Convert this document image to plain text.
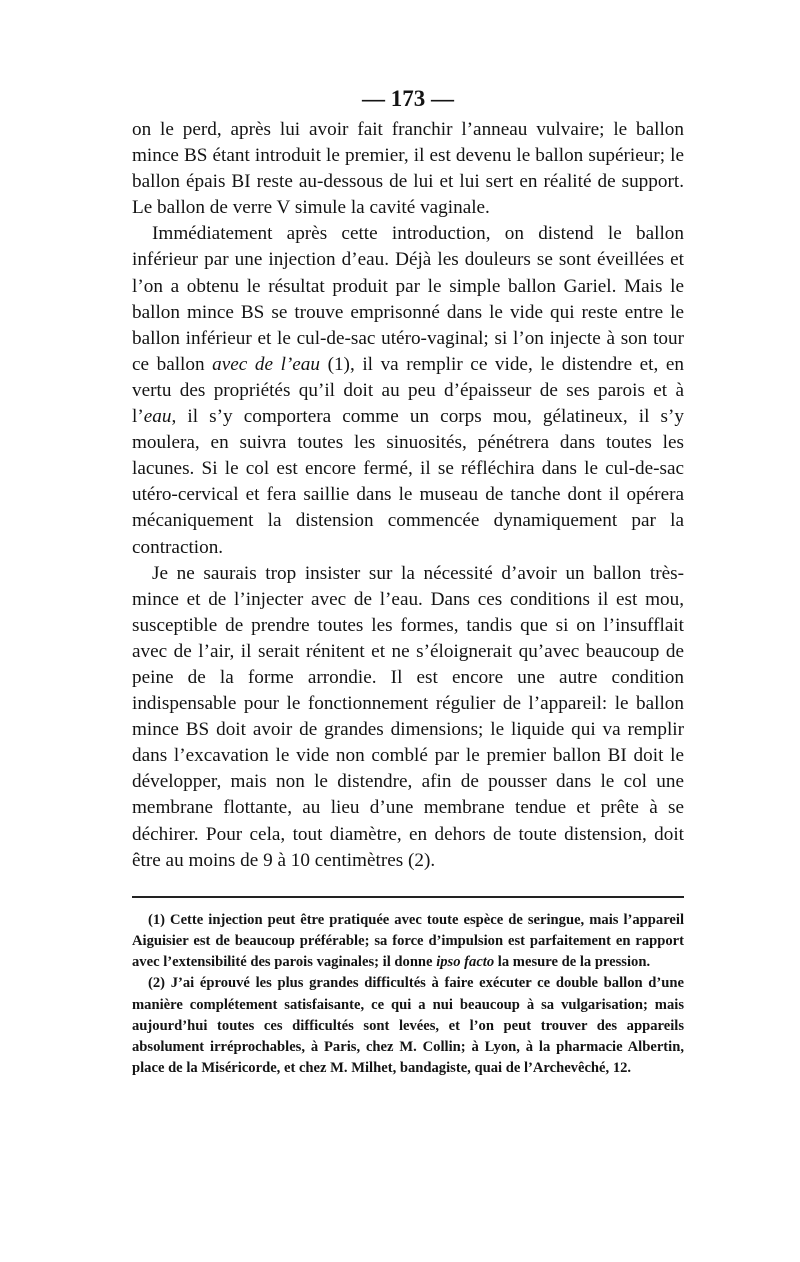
— 173 —

on le perd, après lui avoir fait franchir l’anneau vulvaire; le ballon mince BS étant introduit le premier, il est devenu le ballon supérieur; le ballon épais BI reste au-dessous de lui et lui sert en réalité de support. Le ballon de verre V simule la cavité vaginale.

Immédiatement après cette introduction, on distend le ballon inférieur par une injection d’eau. Déjà les douleurs se sont éveillées et l’on a obtenu le résultat produit par le simple ballon Gariel. Mais le ballon mince BS se trouve emprisonné dans le vide qui reste entre le ballon inférieur et le cul-de-sac utéro-vaginal; si l’on injecte à son tour ce ballon avec de l’eau (1), il va remplir ce vide, le distendre et, en vertu des propriétés qu’il doit au peu d’épaisseur de ses parois et à l’eau, il s’y comportera comme un corps mou, gélatineux, il s’y moulera, en suivra toutes les sinuosités, pénétrera dans toutes les lacunes. Si le col est encore fermé, il se réfléchira dans le cul-de-sac utéro-cervical et fera saillie dans le museau de tanche dont il opérera mécaniquement la distension commencée dynamiquement par la contraction.

Je ne saurais trop insister sur la nécessité d’avoir un ballon très-mince et de l’injecter avec de l’eau. Dans ces conditions il est mou, susceptible de prendre toutes les formes, tandis que si on l’insufflait avec de l’air, il serait rénitent et ne s’éloignerait qu’avec beaucoup de peine de la forme arrondie. Il est encore une autre condition indispensable pour le fonctionnement régulier de l’appareil: le ballon mince BS doit avoir de grandes dimensions; le liquide qui va remplir dans l’excavation le vide non comblé par le premier ballon BI doit le développer, mais non le distendre, afin de pousser dans le col une membrane flottante, au lieu d’une membrane tendue et prête à se déchirer. Pour cela, tout diamètre, en dehors de toute distension, doit être au moins de 9 à 10 centimètres (2).

(1) Cette injection peut être pratiquée avec toute espèce de seringue, mais l’appareil Aiguisier est de beaucoup préférable; sa force d’impulsion est parfaitement en rapport avec l’extensibilité des parois vaginales; il donne ipso facto la mesure de la pression.

(2) J’ai éprouvé les plus grandes difficultés à faire exécuter ce double ballon d’une manière complétement satisfaisante, ce qui a nui beaucoup à sa vulgarisation; mais aujourd’hui toutes ces difficultés sont levées, et l’on peut trouver des appareils absolument irréprochables, à Paris, chez M. Collin; à Lyon, à la pharmacie Albertin, place de la Miséricorde, et chez M. Milhet, bandagiste, quai de l’Archevêché, 12.
